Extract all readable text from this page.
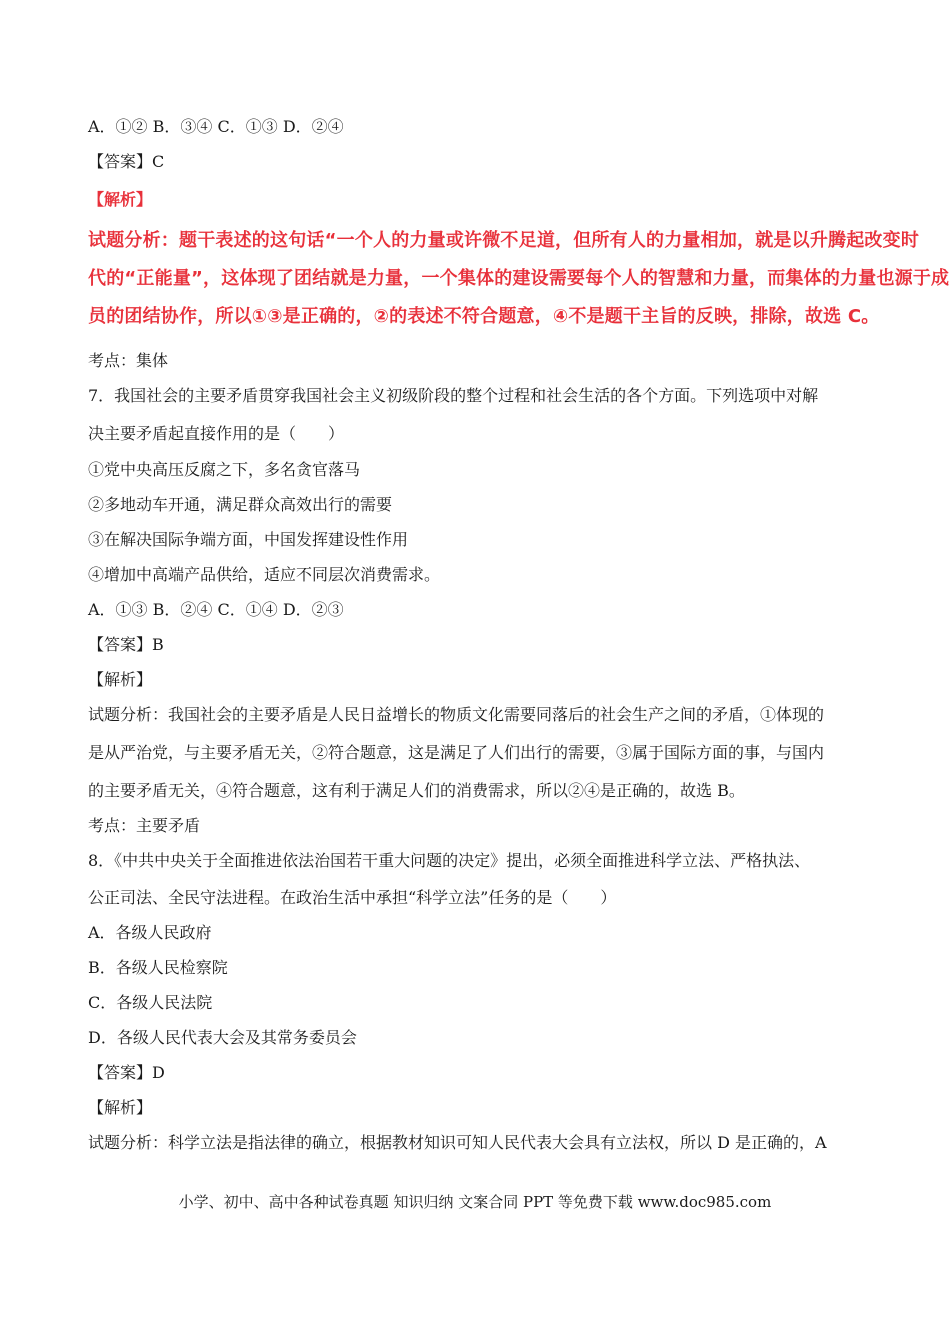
A．①② B．③④ C．①③ D．②④
【答案】C
【解析】
试题分析：题干表述的这句话“一个人的力量或许微不足道，但所有人的力量相加，就是以升腾起改变时
代的“正能量”，这体现了团结就是力量，一个集体的建设需要每个人的智慧和力量，而集体的力量也源于成
员的团结协作，所以①③是正确的，②的表述不符合题意，④不是题干主旨的反映，排除，故选 C。
考点：集体
7．我国社会的主要矛盾贯穿我国社会主义初级阶段的整个过程和社会生活的各个方面。下列选项中对解
决主要矛盾起直接作用的是（　　）
①党中央高压反腐之下，多名贪官落马
②多地动车开通，满足群众高效出行的需要
③在解决国际争端方面，中国发挥建设性作用
④增加中高端产品供给，适应不同层次消费需求。
A．①③ B．②④ C．①④ D．②③
【答案】B
【解析】
试题分析：我国社会的主要矛盾是人民日益增长的物质文化需要同落后的社会生产之间的矛盾，①体现的
是从严治党，与主要矛盾无关，②符合题意，这是满足了人们出行的需要，③属于国际方面的事，与国内
的主要矛盾无关，④符合题意，这有利于满足人们的消费需求，所以②④是正确的，故选 B。
考点：主要矛盾
8．《中共中央关于全面推进依法治国若干重大问题的决定》提出，必须全面推进科学立法、严格执法、
公正司法、全民守法进程。在政治生活中承担“科学立法”任务的是（　　）
A．各级人民政府
B．各级人民检察院
C．各级人民法院
D．各级人民代表大会及其常务委员会
【答案】D
【解析】
试题分析：科学立法是指法律的确立，根据教材知识可知人民代表大会具有立法权，所以 D 是正确的，A
小学、初中、高中各种试卷真题 知识归纳 文案合同 PPT 等免费下载 www.doc985.com
